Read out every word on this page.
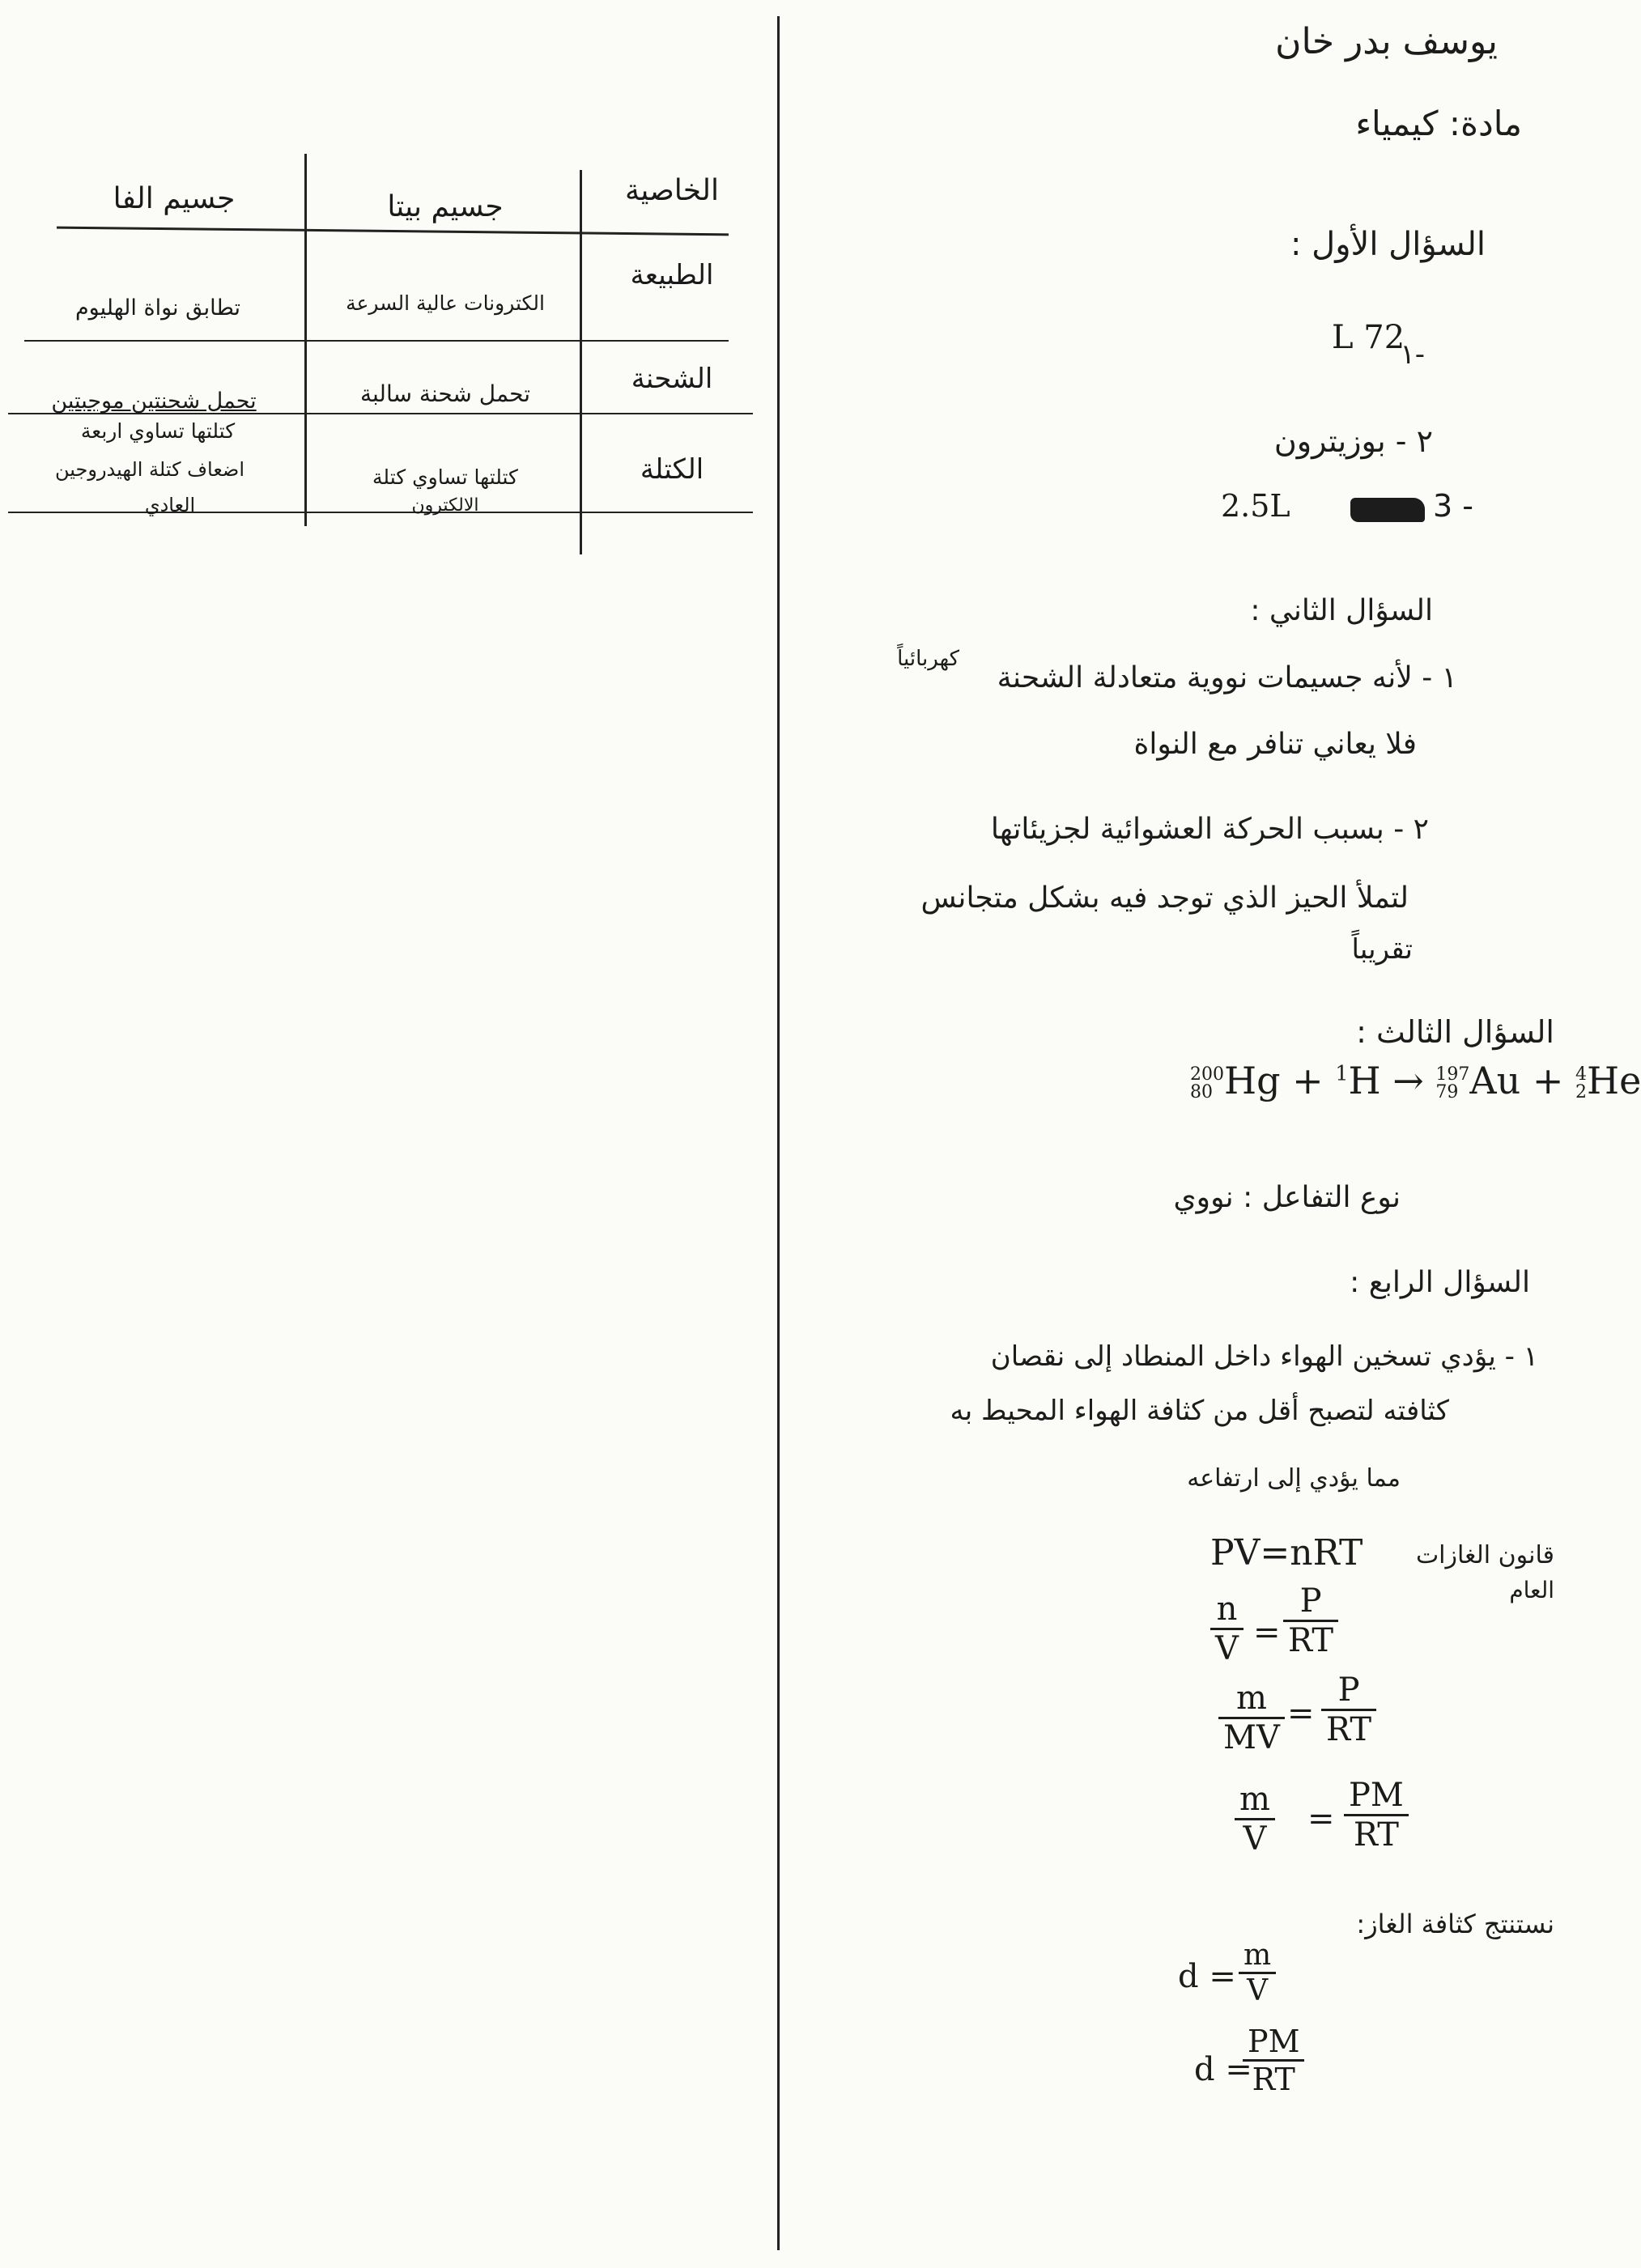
يوسف بدر خان
مادة: كيمياء
الخاصية
جسيم بيتا
جسيم الفا
الطبيعة
الكترونات عالية السرعة
تطابق نواة الهليوم
الشحنة
تحمل شحنة سالبة
تحمل شحنتين موجبتين
الكتلة
كتلتها تساوي كتلة
الالكترون
كتلتها تساوي اربعة
اضعاف كتلة الهيدروجين
العادي
السؤال الأول :
L 72
-١
٢ - بوزيترون
2.5L	3 -
السؤال الثاني :
كهربائياً
١ - لأنه جسيمات نووية متعادلة الشحنة
فلا يعاني تنافر مع النواة
٢ - بسبب الحركة العشوائية لجزيئاتها
لتملأ الحيز الذي توجد فيه بشكل متجانس
تقريباً
السؤال الثالث :
200
80 Hg + $^1$H → 197
79 Au + 4
2 He
نوع التفاعل : نووي
السؤال الرابع :
١ - يؤدي تسخين الهواء داخل المنطاد إلى نقصان
كثافته لتصبح أقل من كثافة الهواء المحيط به
مما يؤدي إلى ارتفاعه
PV=nRT قانون الغازات
العام
n
V =
P
RT
m
MV
=
P
RT
m
V
=
PM
RT
نستنتج كثافة الغاز:
d =
m
V
d =
PM
RT
